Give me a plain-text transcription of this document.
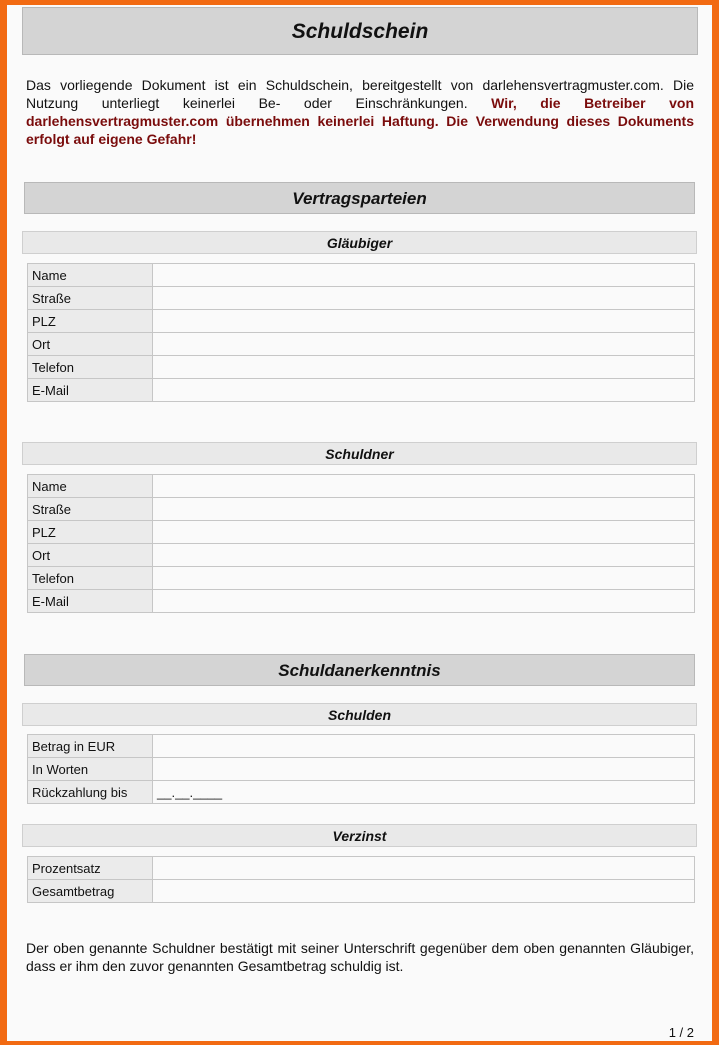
Schuldschein

Das vorliegende Dokument ist ein Schuldschein, bereitgestellt von darlehensvertragmuster.com. Die Nutzung unterliegt keinerlei Be- oder Einschränkungen. Wir, die Betreiber von darlehensvertragmuster.com übernehmen keinerlei Haftung. Die Verwendung dieses Dokuments erfolgt auf eigene Gefahr!

Vertragsparteien
Gläubiger
Name	
Straße	
PLZ	
Ort	
Telefon	
E-Mail	
Schuldner
Name	
Straße	
PLZ	
Ort	
Telefon	
E-Mail	
Schuldanerkenntnis
Schulden
Betrag in EUR	
In Worten	
Rückzahlung bis	__.__.____
Verzinst
Prozentsatz	
Gesamtbetrag	

Der oben genannte Schuldner bestätigt mit seiner Unterschrift gegenüber dem oben genannten Gläubiger, dass er ihm den zuvor genannten Gesamtbetrag schuldig ist.

1 / 2
